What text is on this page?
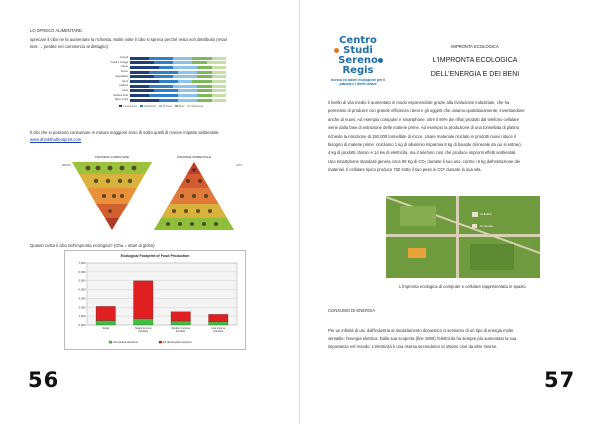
LO SPRECO ALIMENTARE.
sprecare il cibo ne fa aumentare la richiesta. Molte volte il cibo si spreca perché resta non distribuito (retail
loss → perdite nel commercio al dettaglio)
Cereali
Frutta e ortaggi
Carne
Pesce
Vegetables
Semi
Latticini
Uova
Globare food
Beef, sushi
Consumption	Distribution	Process	Store	Retail Loss
Il cibi che si possono consumare in misura maggiore sono di solito quelli di minore impatto ambientale
www.dhinkthatfootprint.com
PIRAMIDE ALIMENTARE	PIRAMIDE AMBIENTALE
BASSO	ALTO
Quanto costa il cibo nell'impronta ecologica? (Gha = ettari di globo)
Ecological Footprint of Food Production
0,000
1,000
2,000
3,000
4,000
5,000
6,000
7,000
Steak	Single Income
Families
Medium Income
Families
Low Income
Families
GH (Global Hectares)	EF (Ecological Footprint)
56
Centro
Studi
Sereno
Regis
ricerca ed azioni ecologiche per il pianeta e i diritti umani
IMPRONTA ECOLOGICA
L'IMPRONTA ECOLOGICA
DELL'ENERGIA E DEI BENI
Il livello di vita medio è aumentato in modo esponenziale grazie alla rivoluzione industriale, che ha
permesso di produrre con grande efficienza i beni e gli oggetti che usiamo quotidianamente, inventandone
anche di nuovi. Ad esempio computer e smartphone: oltre il 90% dei rifiuti prodotti dal telefono cellulare
viene dalla fase di estrazione delle materie prime. Ad esempio la produzione di una tonnellata di platino
richiede la rimozione di 150.000 tonnellate di rocce. Usare materiale riciclato in prodotti nuovi riduce il
bisogno di materie prime: ricicliamo 1 kg di alluminio risparmia 8 kg di bauxite (minerale da cui si estrae),
4 kg di prodotti chimici e 14 kw di elettricità, ma il telefono così che produce impronti effetti ambientali.
Uno smartphone standard genera circa 99 Kg di CO₂ durante il suo uso, contro i 6 kg dell'estrazione dei
materiali. Il cellulare tipico produce 750 sotto il suo peso in CO² durante la sua vita.
Cellulare
Computer
L'impronta ecologica di computer e cellulare rappresentata in spazio.
CONSUMO DI ENERGIA
Per un infinità di usi, dall'industria al riscaldamento domestico ci serviamo di un tipo di energia molto
versatile: l'energia elettrica. Dalla sua scoperta (fine 1800) l'elettricità ha sempre più aumentato la sua
importanza nel mondo. L'elettricità è una risorsa secondaria! Si ottiene cioè da altre risorse.
57
